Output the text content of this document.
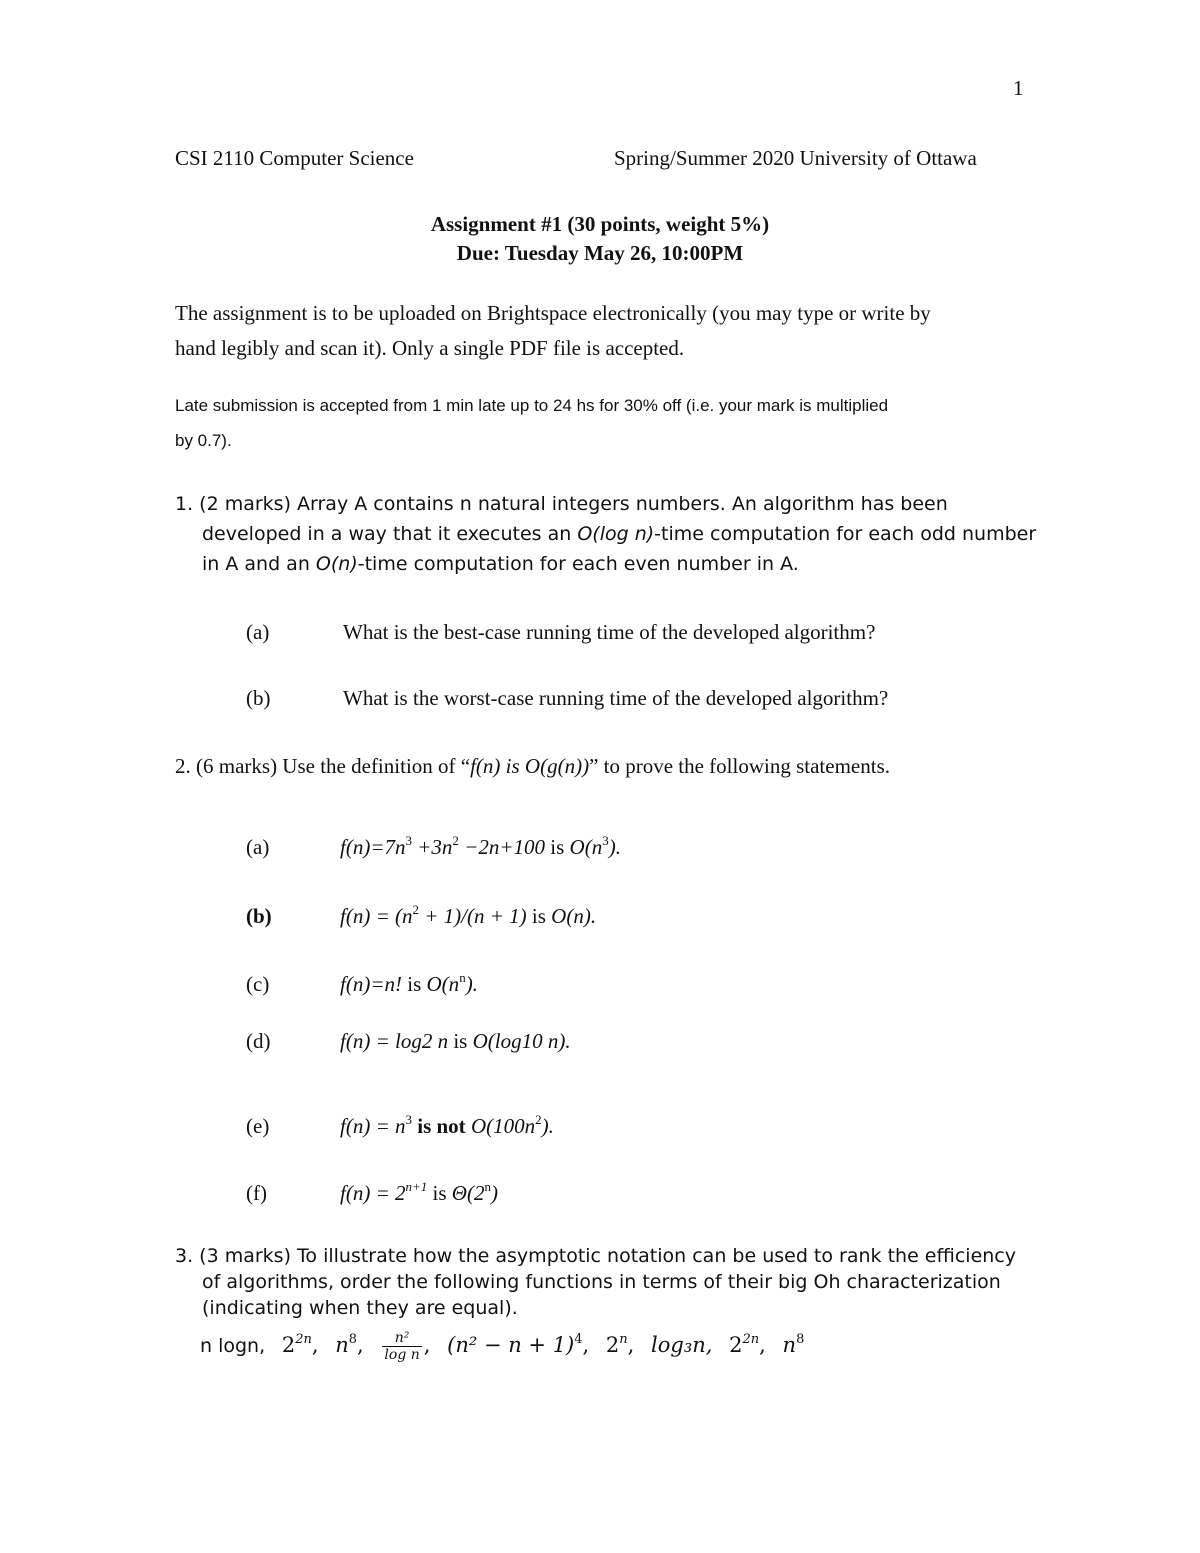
1
CSI 2110 Computer Science	Spring/Summer 2020 University of Ottawa
Assignment #1 (30 points, weight 5%)
Due: Tuesday May 26, 10:00PM
The assignment is to be uploaded on Brightspace electronically (you may type or write by
hand legibly and scan it). Only a single PDF file is accepted.
Late submission is accepted from 1 min late up to 24 hs for 30% off (i.e. your mark is multiplied
by 0.7).
1. (2 marks) Array A contains n natural integers numbers. An algorithm has been
developed in a way that it executes an O(log n)-time computation for each odd number
in A and an O(n)-time computation for each even number in A.
(a)	What is the best-case running time of the developed algorithm?
(b)	What is the worst-case running time of the developed algorithm?
2. (6 marks) Use the definition of “f(n) is O(g(n))” to prove the following statements.
(a)	$f(n)=7n^3 +3n^2 -2n+100$ is $O(n^3)$.
(b)	$f(n) = (n^2 + 1)/(n + 1)$ is O(n).
(c)	f(n)=n! is $O(n^n)$.
(d)	f(n) = log2 n is O(log10 n).
(e)	$f(n) = n^3$ is not $O(100n^2)$.
(f)	$f(n) = 2^{n+1}$ is Θ(2$^n$)
3. (3 marks) To illustrate how the asymptotic notation can be used to rank the efficiency
of algorithms, order the following functions in terms of their big Oh characterization
(indicating when they are equal).
n logn, $2^{2n}$, $n^8$, $\frac{\text{n²}}{\text{log n}}$ , $(n^2 - n + 1)^4$, 2$^n$, log₃n, $2^{2n}$, $n^8$
